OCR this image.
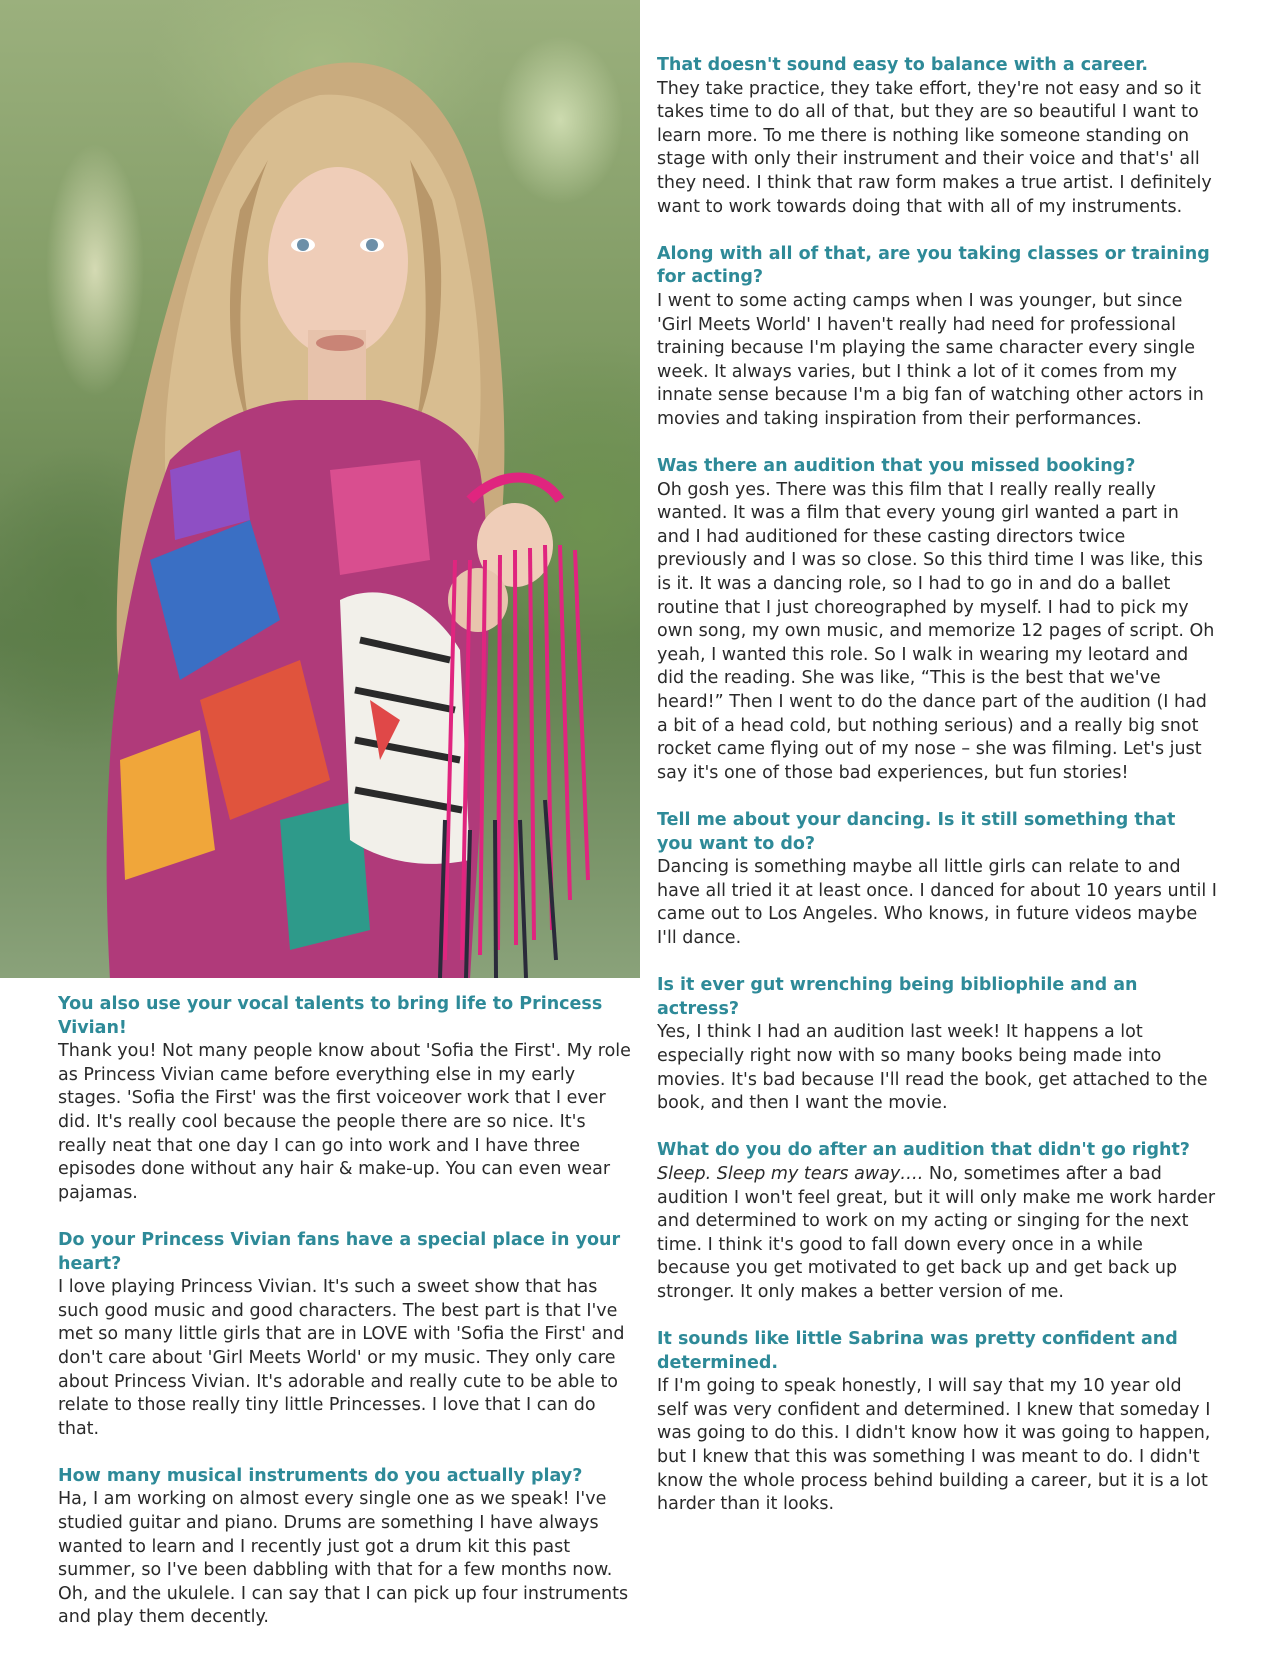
That doesn't sound easy to balance with a career.

They take practice, they take effort, they're not easy and so it takes time to do all of that, but they are so beautiful I want to learn more. To me there is nothing like someone standing on stage with only their instrument and their voice and that's' all they need. I think that raw form makes a true artist. I definitely want to work towards doing that with all of my instruments.

Along with all of that, are you taking classes or training for acting?

I went to some acting camps when I was younger, but since 'Girl Meets World' I haven't really had need for professional training because I'm playing the same character every single week. It always varies, but I think a lot of it comes from my innate sense because I'm a big fan of watching other actors in movies and taking inspiration from their performances.

Was there an audition that you missed booking?

Oh gosh yes. There was this film that I really really really wanted. It was a film that every young girl wanted a part in and I had auditioned for these casting directors twice previously and I was so close. So this third time I was like, this is it. It was a dancing role, so I had to go in and do a ballet routine that I just choreographed by myself. I had to pick my own song, my own music, and memorize 12 pages of script. Oh yeah, I wanted this role. So I walk in wearing my leotard and did the reading. She was like, “This is the best that we've heard!” Then I went to do the dance part of the audition (I had a bit of a head cold, but nothing serious) and a really big snot rocket came flying out of my nose – she was filming. Let's just say it's one of those bad experiences, but fun stories!

Tell me about your dancing. Is it still something that you want to do?

Dancing is something maybe all little girls can relate to and have all tried it at least once. I danced for about 10 years until I came out to Los Angeles. Who knows, in future videos maybe I'll dance.

Is it ever gut wrenching being bibliophile and an actress?

Yes, I think I had an audition last week! It happens a lot especially right now with so many books being made into movies. It's bad because I'll read the book, get attached to the book, and then I want the movie.

What do you do after an audition that didn't go right?

Sleep. Sleep my tears away…. No, sometimes after a bad audition I won't feel great, but it will only make me work harder and determined to work on my acting or singing for the next time. I think it's good to fall down every once in a while because you get motivated to get back up and get back up stronger. It only makes a better version of me.

It sounds like little Sabrina was pretty confident and determined.

If I'm going to speak honestly, I will say that my 10 year old self was very confident and determined. I knew that someday I was going to do this. I didn't know how it was going to happen, but I knew that this was something I was meant to do. I didn't know the whole process behind building a career, but it is a lot harder than it looks.

You also use your vocal talents to bring life to Princess Vivian!

Thank you! Not many people know about 'Sofia the First'. My role as Princess Vivian came before everything else in my early stages. 'Sofia the First' was the first voiceover work that I ever did. It's really cool because the people there are so nice. It's really neat that one day I can go into work and I have three episodes done without any hair & make-up. You can even wear pajamas.

Do your Princess Vivian fans have a special place in your heart?

I love playing Princess Vivian. It's such a sweet show that has such good music and good characters. The best part is that I've met so many little girls that are in LOVE with 'Sofia the First' and don't care about 'Girl Meets World' or my music. They only care about Princess Vivian. It's adorable and really cute to be able to relate to those really tiny little Princesses. I love that I can do that.

How many musical instruments do you actually play?

Ha, I am working on almost every single one as we speak! I've studied guitar and piano. Drums are something I have always wanted to learn and I recently just got a drum kit this past summer, so I've been dabbling with that for a few months now. Oh, and the ukulele. I can say that I can pick up four instruments and play them decently.
